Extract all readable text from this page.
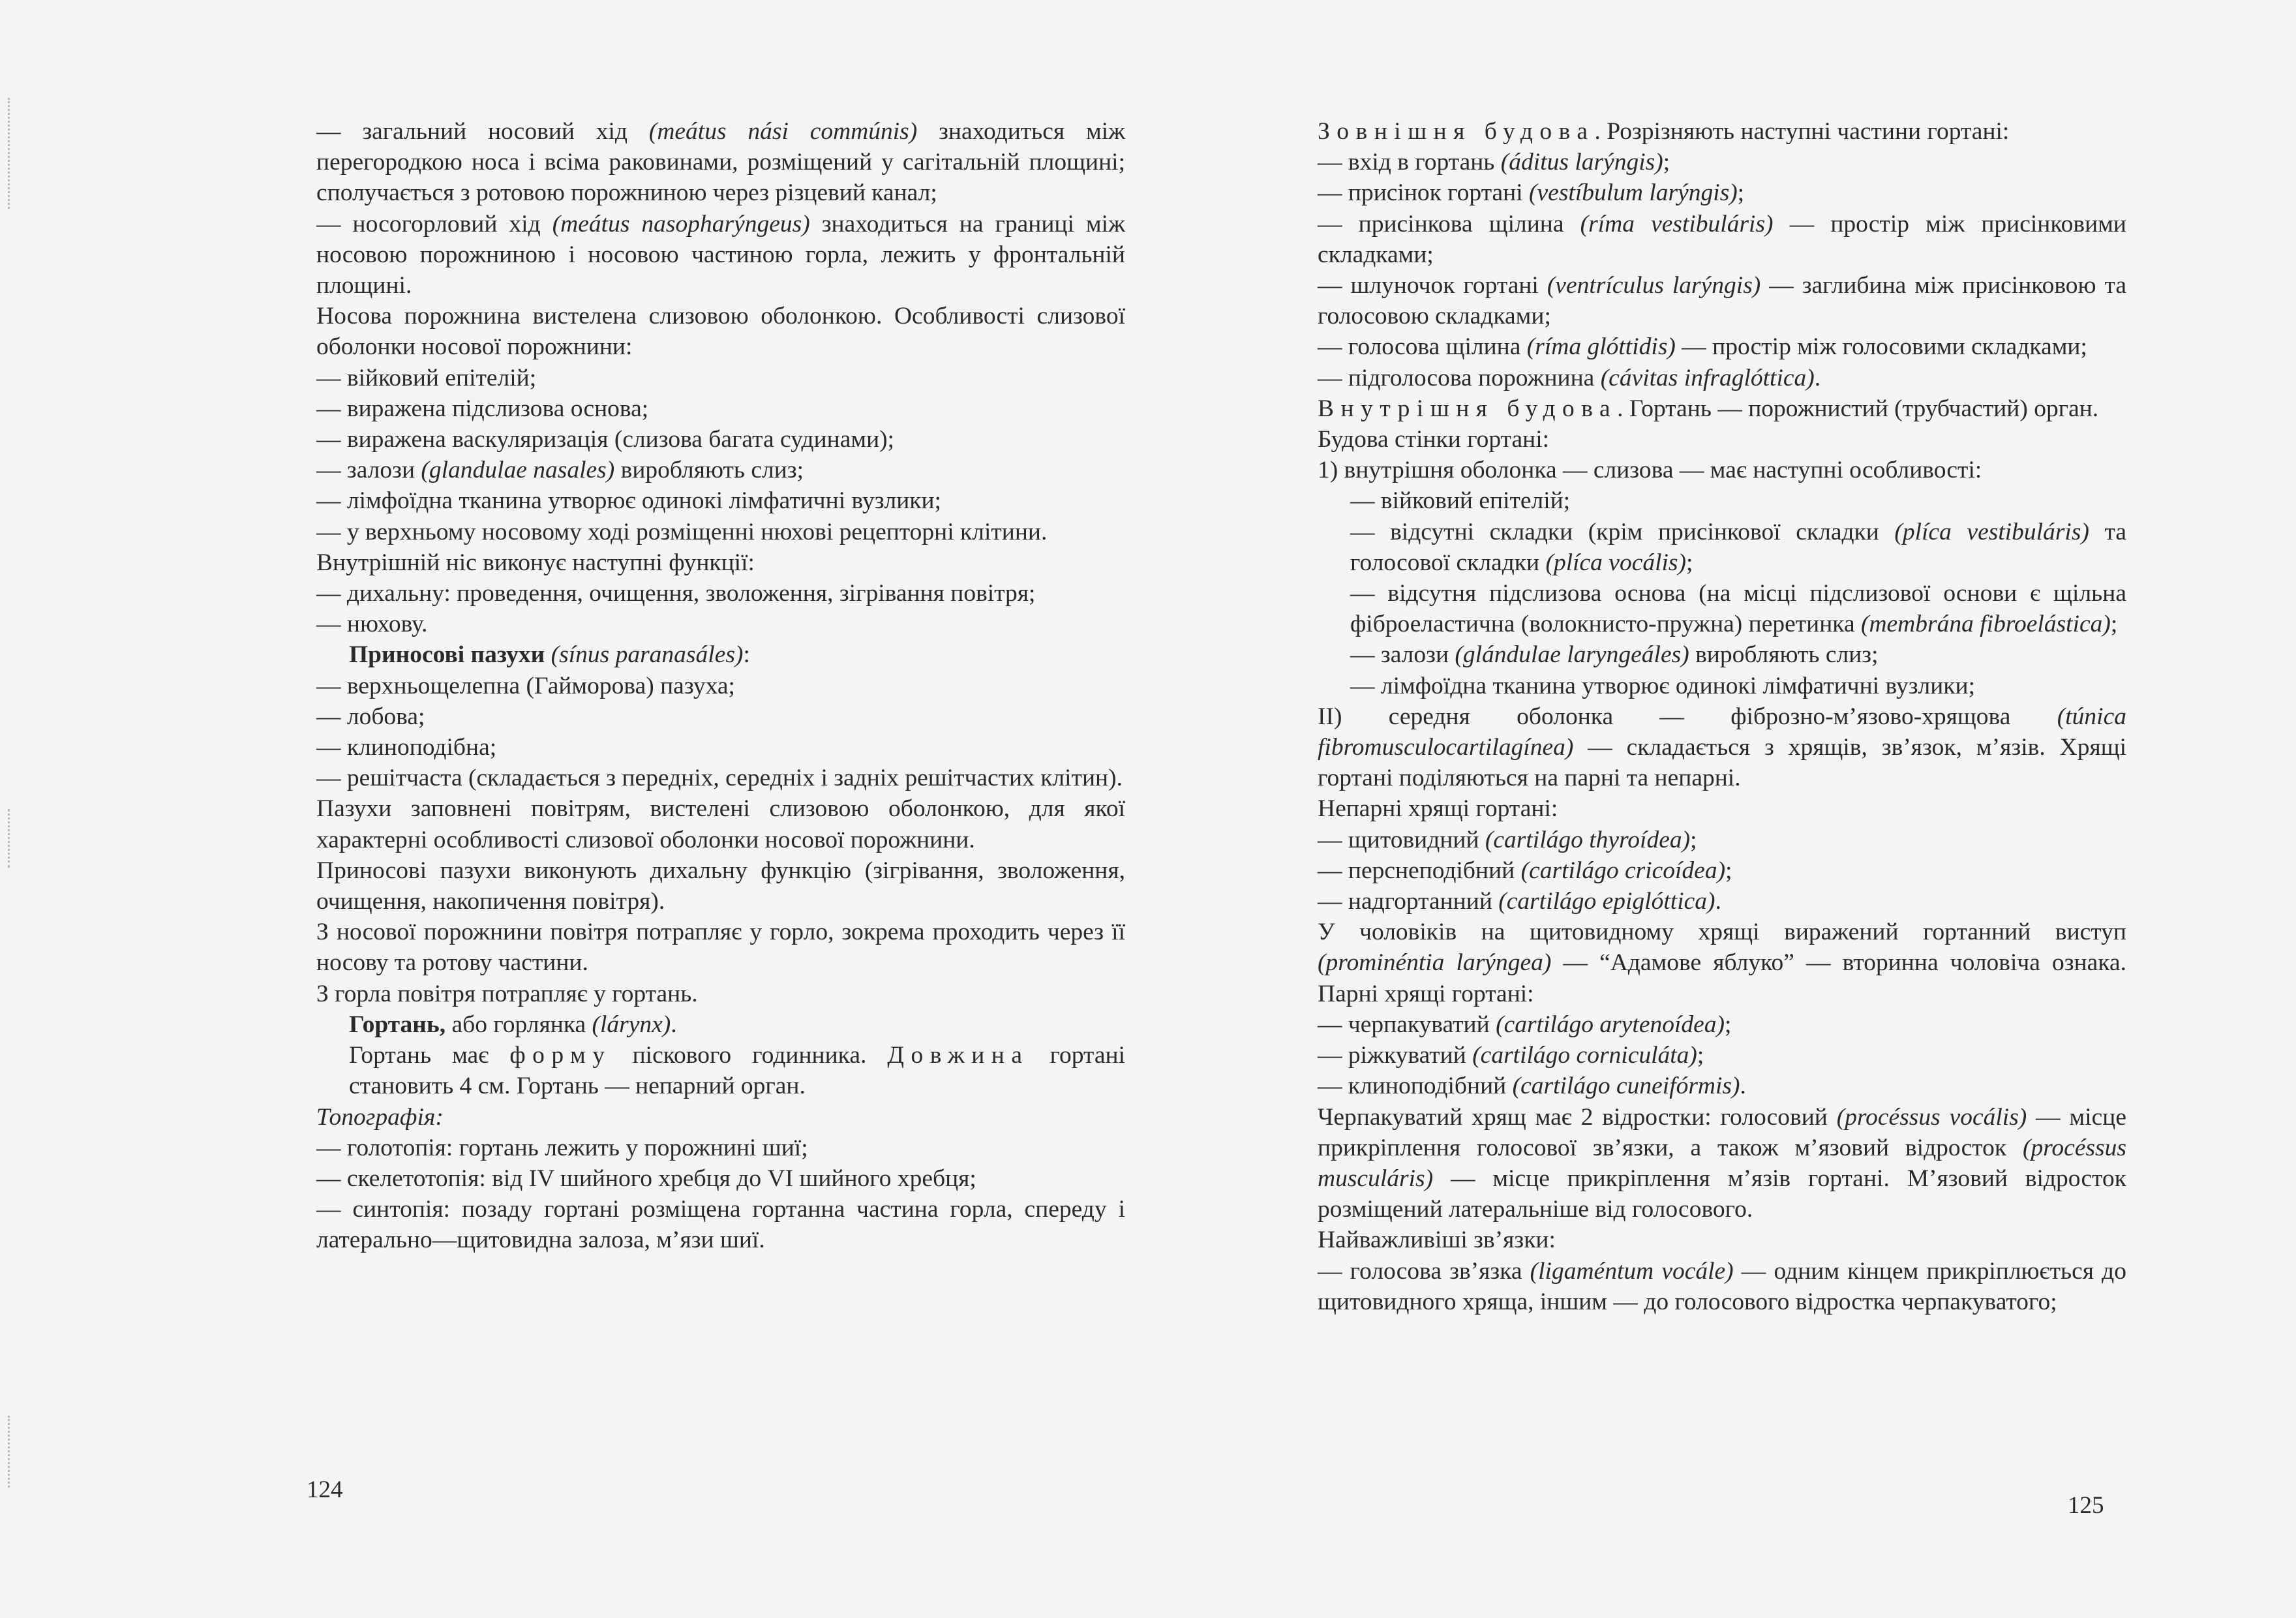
— загальний носовий хід (meátus nási commúnis) знаходиться між перегородкою носа і всіма раковинами, розміщений у сагітальній площині; сполучається з ротовою порожниною через різцевий канал;

— носогорловий хід (meátus nasopharýngeus) знаходиться на границі між носовою порожниною і носовою частиною горла, лежить у фронтальній площині.

Носова порожнина вистелена слизовою оболонкою. Особливості слизової оболонки носової порожнини:

— війковий епітелій;

— виражена підслизова основа;

— виражена васкуляризація (слизова багата судинами);

— залози (glandulae nasales) виробляють слиз;

— лімфоїдна тканина утворює одинокі лімфатичні вузлики;

— у верхньому носовому ході розміщенні нюхові рецепторні клітини.

Внутрішній ніс виконує наступні функції:

— дихальну: проведення, очищення, зволоження, зігрівання повітря;

— нюхову.

Приносові пазухи (sínus paranasáles):

— верхньощелепна (Гайморова) пазуха;

— лобова;

— клиноподібна;

— решітчаста (складається з передніх, середніх і задніх решітчастих клітин).

Пазухи заповнені повітрям, вистелені слизовою оболонкою, для якої характерні особливості слизової оболонки носової порожнини.

Приносові пазухи виконують дихальну функцію (зігрівання, зволоження, очищення, накопичення повітря).

З носової порожнини повітря потрапляє у горло, зокрема проходить через її носову та ротову частини.

З горла повітря потрапляє у гортань.

Гортань, або горлянка (lárynx).

Гортань має форму піскового годинника. Довжина гортані становить 4 см. Гортань — непарний орган.

Топографія:

— голотопія: гортань лежить у порожнині шиї;

— скелетотопія: від IV шийного хребця до VI шийного хребця;

— синтопія: позаду гортані розміщена гортанна частина горла, спереду і латерально—щитовидна залоза, м’язи шиї.

124

Зовнішня будова. Розрізняють наступні частини гортані:

— вхід в гортань (áditus larýngis);

— присінок гортані (vestíbulum larýngis);

— присінкова щілина (ríma vestibuláris) — простір між присінковими складками;

— шлуночок гортані (ventrículus larýngis) — заглибина між присінковою та голосовою складками;

— голосова щілина (ríma glóttidis) — простір між голосовими складками;

— підголосова порожнина (cávitas infraglóttica).

Внутрішня будова. Гортань — порожнистий (трубчастий) орган.

Будова стінки гортані:

1) внутрішня оболонка — слизова — має наступні особливості:

— війковий епітелій;

— відсутні складки (крім присінкової складки (plíca vestibuláris) та голосової складки (plíca vocális);

— відсутня підслизова основа (на місці підслизової основи є щільна фіброеластична (волокнисто-пружна) перетинка (membrána fibroelástica);

— залози (glándulae laryngeáles) виробляють слиз;

— лімфоїдна тканина утворює одинокі лімфатичні вузлики;

II) середня оболонка — фіброзно-м’язово-хрящова (túnica fibromusculocartilagínea) — складається з хрящів, зв’язок, м’язів. Хрящі гортані поділяються на парні та непарні.

Непарні хрящі гортані:

— щитовидний (cartilágo thyroídea);

— перснеподібний (cartilágo cricoídea);

— надгортанний (cartilágo epiglóttica).

У чоловіків на щитовидному хрящі виражений гортанний виступ (prominéntia larýngea) — “Адамове яблуко” — вторинна чоловіча ознака. Парні хрящі гортані:

— черпакуватий (cartilágo arytenoídea);

— ріжкуватий (cartilágo corniculáta);

— клиноподібний (cartilágo cuneifórmis).

Черпакуватий хрящ має 2 відростки: голосовий (procéssus vocális) — місце прикріплення голосової зв’язки, а також м’язовий відросток (procéssus musculáris) — місце прикріплення м’язів гортані. М’язовий відросток розміщений латеральніше від голосового.

Найважливіші зв’язки:

— голосова зв’язка (ligaméntum vocále) — одним кінцем прикріплюється до щитовидного хряща, іншим — до голосового відростка черпакуватого;

125
